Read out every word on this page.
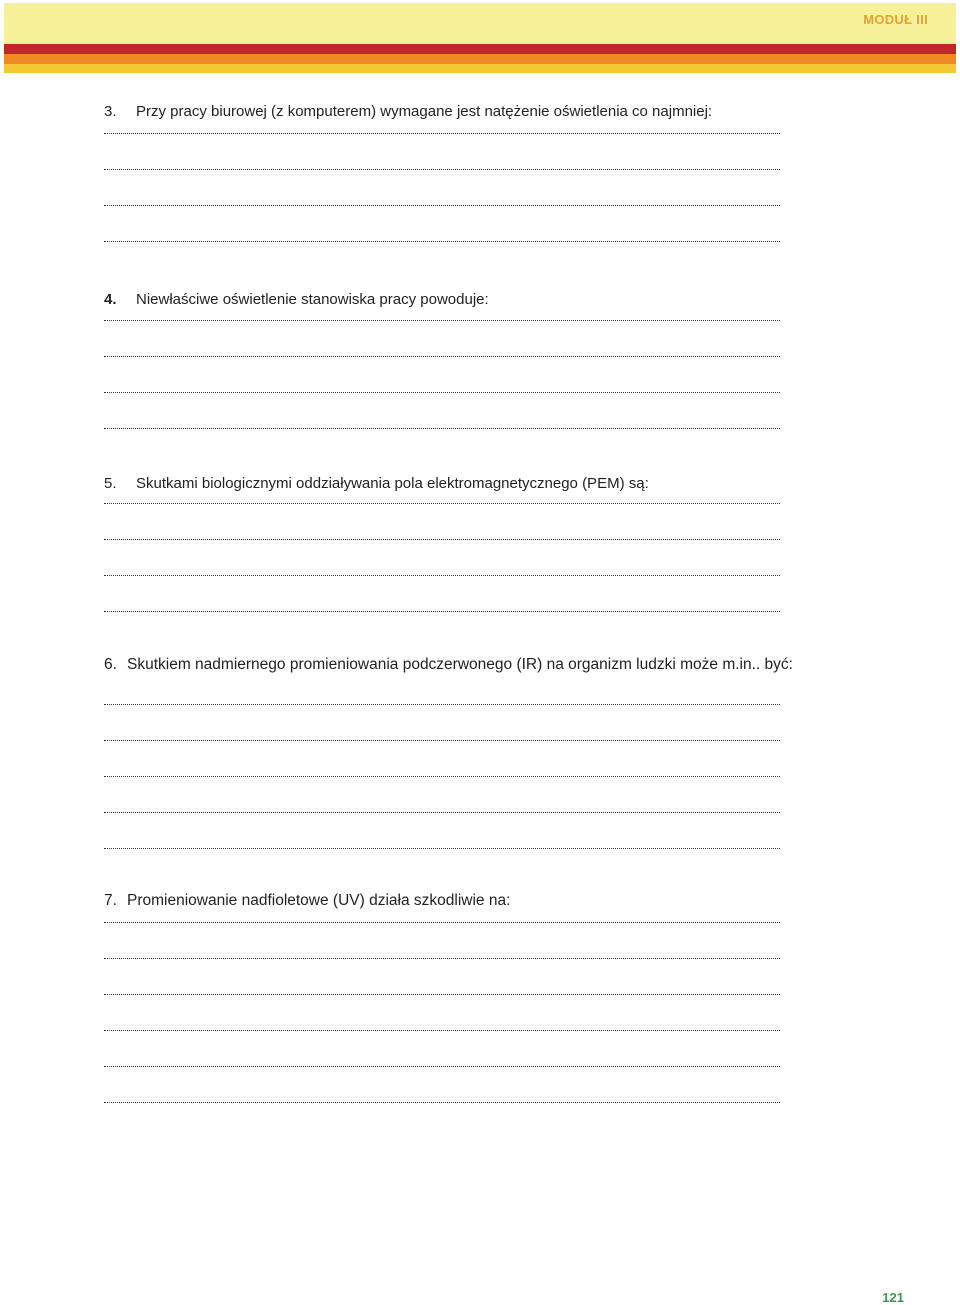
MODUŁ III
3. Przy pracy biurowej (z komputerem) wymagane jest natężenie oświetlenia co najmniej:
4. Niewłaściwe oświetlenie stanowiska pracy powoduje:
5. Skutkami biologicznymi oddziaływania pola elektromagnetycznego (PEM) są:
6. Skutkiem nadmiernego promieniowania podczerwonego (IR) na organizm ludzki może m.in.. być:
7. Promieniowanie nadfioletowe (UV) działa szkodliwie na:
121
